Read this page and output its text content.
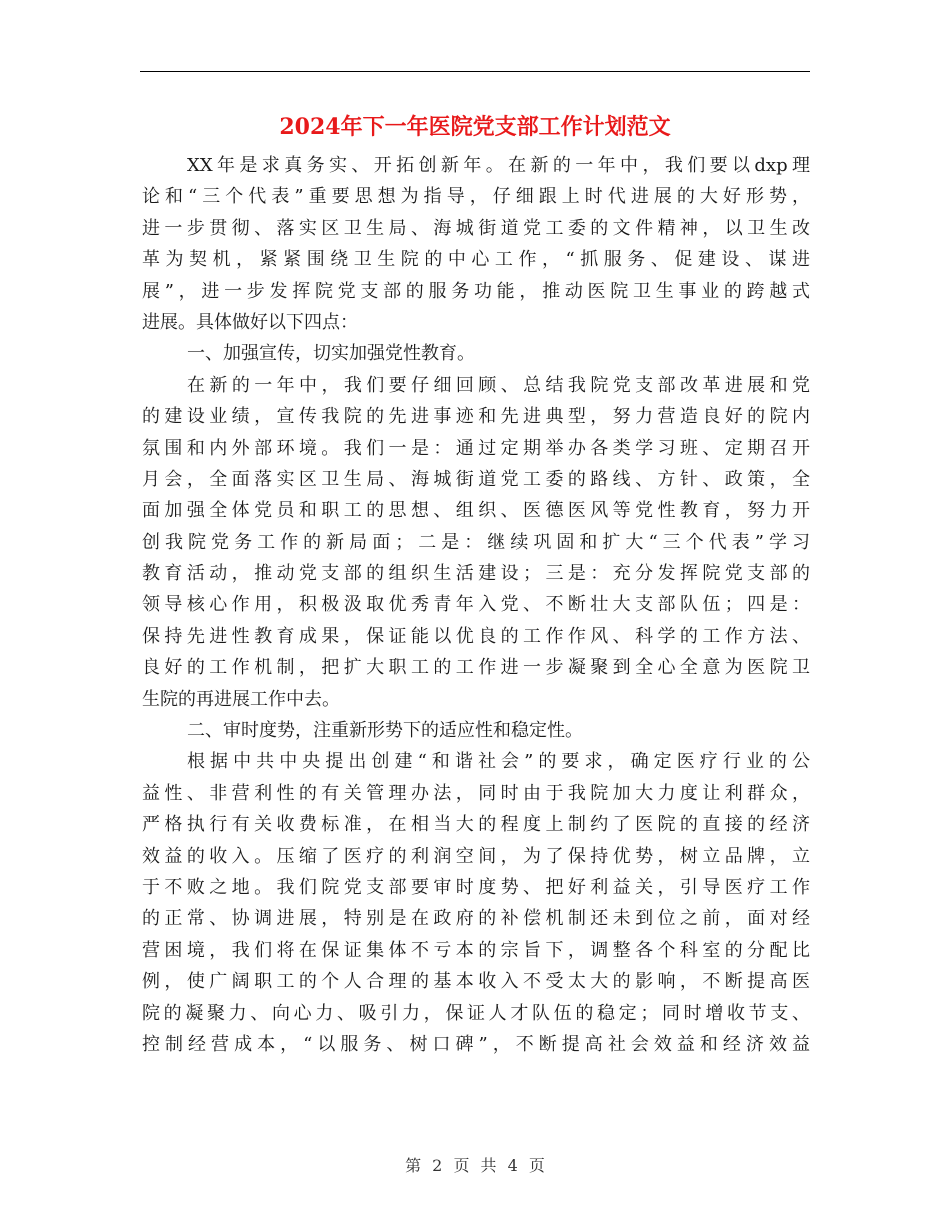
2024年下一年医院党支部工作计划范文
XX年是求真务实、开拓创新年。在新的一年中，我们要以dxp理
论和“三个代表”重要思想为指导，仔细跟上时代进展的大好形势，
进一步贯彻、落实区卫生局、海城街道党工委的文件精神，以卫生改
革为契机，紧紧围绕卫生院的中心工作，“抓服务、促建设、谋进
展”，进一步发挥院党支部的服务功能，推动医院卫生事业的跨越式
进展。具体做好以下四点：
一、加强宣传，切实加强党性教育。
在新的一年中，我们要仔细回顾、总结我院党支部改革进展和党
的建设业绩，宣传我院的先进事迹和先进典型，努力营造良好的院内
氛围和内外部环境。我们一是：通过定期举办各类学习班、定期召开
月会，全面落实区卫生局、海城街道党工委的路线、方针、政策，全
面加强全体党员和职工的思想、组织、医德医风等党性教育，努力开
创我院党务工作的新局面；二是：继续巩固和扩大“三个代表”学习
教育活动，推动党支部的组织生活建设；三是：充分发挥院党支部的
领导核心作用，积极汲取优秀青年入党、不断壮大支部队伍；四是：
保持先进性教育成果，保证能以优良的工作作风、科学的工作方法、
良好的工作机制，把扩大职工的工作进一步凝聚到全心全意为医院卫
生院的再进展工作中去。
二、审时度势，注重新形势下的适应性和稳定性。
根据中共中央提出创建“和谐社会”的要求，确定医疗行业的公
益性、非营利性的有关管理办法，同时由于我院加大力度让利群众，
严格执行有关收费标准，在相当大的程度上制约了医院的直接的经济
效益的收入。压缩了医疗的利润空间，为了保持优势，树立品牌，立
于不败之地。我们院党支部要审时度势、把好利益关，引导医疗工作
的正常、协调进展，特别是在政府的补偿机制还未到位之前，面对经
营困境，我们将在保证集体不亏本的宗旨下，调整各个科室的分配比
例，使广阔职工的个人合理的基本收入不受太大的影响，不断提高医
院的凝聚力、向心力、吸引力，保证人才队伍的稳定；同时增收节支、
控制经营成本，“以服务、树口碑”，不断提高社会效益和经济效益
第 2 页 共 4 页
